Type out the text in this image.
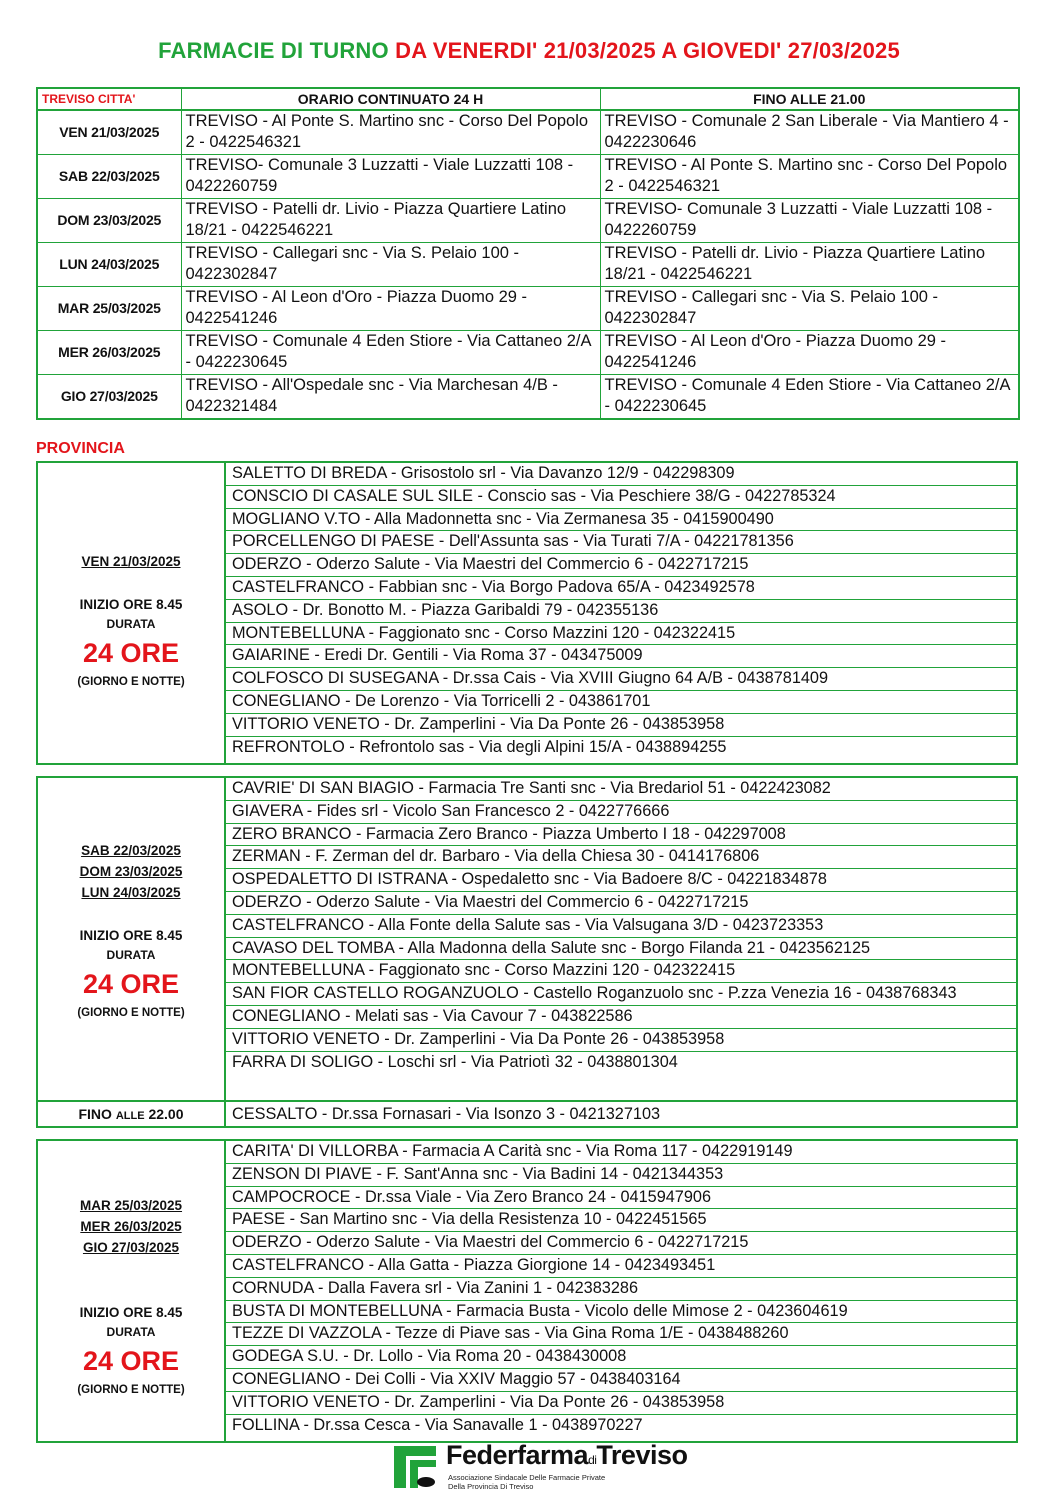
FARMACIE DI TURNO DA VENERDI' 21/03/2025 A GIOVEDI' 27/03/2025
TREVISO CITTA'	ORARIO CONTINUATO 24 H	FINO ALLE 21.00
VEN 21/03/2025	TREVISO - Al Ponte S. Martino snc - Corso Del Popolo 2 - 0422546321	TREVISO - Comunale 2 San Liberale - Via Mantiero 4 - 0422230646
SAB 22/03/2025	TREVISO- Comunale 3 Luzzatti - Viale Luzzatti 108 - 0422260759	TREVISO - Al Ponte S. Martino snc - Corso Del Popolo 2 - 0422546321
DOM 23/03/2025	TREVISO - Patelli dr. Livio - Piazza Quartiere Latino 18/21 - 0422546221	TREVISO- Comunale 3 Luzzatti - Viale Luzzatti 108 - 0422260759
LUN 24/03/2025	TREVISO - Callegari snc - Via S. Pelaio 100 - 0422302847	TREVISO - Patelli dr. Livio - Piazza Quartiere Latino 18/21 - 0422546221
MAR 25/03/2025	TREVISO - Al Leon d'Oro - Piazza Duomo 29 - 0422541246	TREVISO - Callegari snc - Via S. Pelaio 100 - 0422302847
MER 26/03/2025	TREVISO - Comunale 4 Eden Stiore - Via Cattaneo 2/A - 0422230645	TREVISO - Al Leon d'Oro - Piazza Duomo 29 - 0422541246
GIO 27/03/2025	TREVISO - All'Ospedale snc - Via Marchesan 4/B - 0422321484	TREVISO - Comunale 4 Eden Stiore - Via Cattaneo 2/A - 0422230645
PROVINCIA
VEN 21/03/2025
INIZIO ORE 8.45
DURATA
24 ORE
(GIORNO E NOTTE)
SALETTO DI BREDA - Grisostolo srl - Via Davanzo 12/9 - 042298309
CONSCIO DI CASALE SUL SILE - Conscio sas - Via Peschiere 38/G - 0422785324
MOGLIANO V.TO - Alla Madonnetta snc - Via Zermanesa 35 - 0415900490
PORCELLENGO DI PAESE - Dell'Assunta sas - Via Turati 7/A - 04221781356
ODERZO - Oderzo Salute - Via Maestri del Commercio 6 - 0422717215
CASTELFRANCO - Fabbian snc - Via Borgo Padova 65/A - 0423492578
ASOLO - Dr. Bonotto M. - Piazza Garibaldi 79 - 042355136
MONTEBELLUNA - Faggionato snc - Corso Mazzini 120 - 042322415
GAIARINE - Eredi Dr. Gentili - Via Roma 37 - 043475009
COLFOSCO DI SUSEGANA - Dr.ssa Cais - Via XVIII Giugno 64 A/B - 0438781409
CONEGLIANO - De Lorenzo - Via Torricelli 2 - 043861701
VITTORIO VENETO - Dr. Zamperlini - Via Da Ponte 26 - 043853958
REFRONTOLO - Refrontolo sas - Via degli Alpini 15/A - 0438894255
SAB 22/03/2025
DOM 23/03/2025
LUN 24/03/2025
INIZIO ORE 8.45
DURATA
24 ORE
(GIORNO E NOTTE)
CAVRIE' DI SAN BIAGIO - Farmacia Tre Santi snc - Via Bredariol 51 - 0422423082
GIAVERA - Fides srl - Vicolo San Francesco 2 - 0422776666
ZERO BRANCO - Farmacia Zero Branco - Piazza Umberto I 18 - 042297008
ZERMAN - F. Zerman del dr. Barbaro - Via della Chiesa 30 - 0414176806
OSPEDALETTO DI ISTRANA - Ospedaletto snc - Via Badoere 8/C - 04221834878
ODERZO - Oderzo Salute - Via Maestri del Commercio 6 - 0422717215
CASTELFRANCO - Alla Fonte della Salute sas - Via Valsugana 3/D - 0423723353
CAVASO DEL TOMBA - Alla Madonna della Salute snc - Borgo Filanda 21 - 0423562125
MONTEBELLUNA - Faggionato snc - Corso Mazzini 120 - 042322415
SAN FIOR CASTELLO ROGANZUOLO - Castello Roganzuolo snc - P.zza Venezia 16 - 0438768343
CONEGLIANO - Melati sas - Via Cavour 7 - 043822586
VITTORIO VENETO - Dr. Zamperlini - Via Da Ponte 26 - 043853958
FARRA DI SOLIGO - Loschi srl - Via Patriotì 32 - 0438801304
FINO ALLE 22.00	CESSALTO - Dr.ssa Fornasari - Via Isonzo 3 - 0421327103
MAR 25/03/2025
MER 26/03/2025
GIO 27/03/2025
INIZIO ORE 8.45
DURATA
24 ORE
(GIORNO E NOTTE)
CARITA' DI VILLORBA - Farmacia A Carità snc - Via Roma 117 - 0422919149
ZENSON DI PIAVE - F. Sant'Anna snc - Via Badini 14 - 0421344353
CAMPOCROCE - Dr.ssa Viale - Via Zero Branco 24 - 0415947906
PAESE - San Martino snc - Via della Resistenza 10 - 0422451565
ODERZO - Oderzo Salute - Via Maestri del Commercio 6 - 0422717215
CASTELFRANCO - Alla Gatta - Piazza Giorgione 14 - 0423493451
CORNUDA - Dalla Favera srl - Via Zanini 1 - 042383286
BUSTA DI MONTEBELLUNA - Farmacia Busta - Vicolo delle Mimose 2 - 0423604619
TEZZE DI VAZZOLA - Tezze di Piave sas - Via Gina Roma 1/E - 0438488260
GODEGA S.U. - Dr. Lollo - Via Roma 20 - 0438430008
CONEGLIANO - Dei Colli - Via XXIV Maggio 57 - 0438403164
VITTORIO VENETO - Dr. Zamperlini - Via Da Ponte 26 - 043853958
FOLLINA - Dr.ssa Cesca - Via Sanavalle 1 - 0438970227
FederfarmadiTreviso
Associazione Sindacale Delle Farmacie Private
Della Provincia Di Treviso
